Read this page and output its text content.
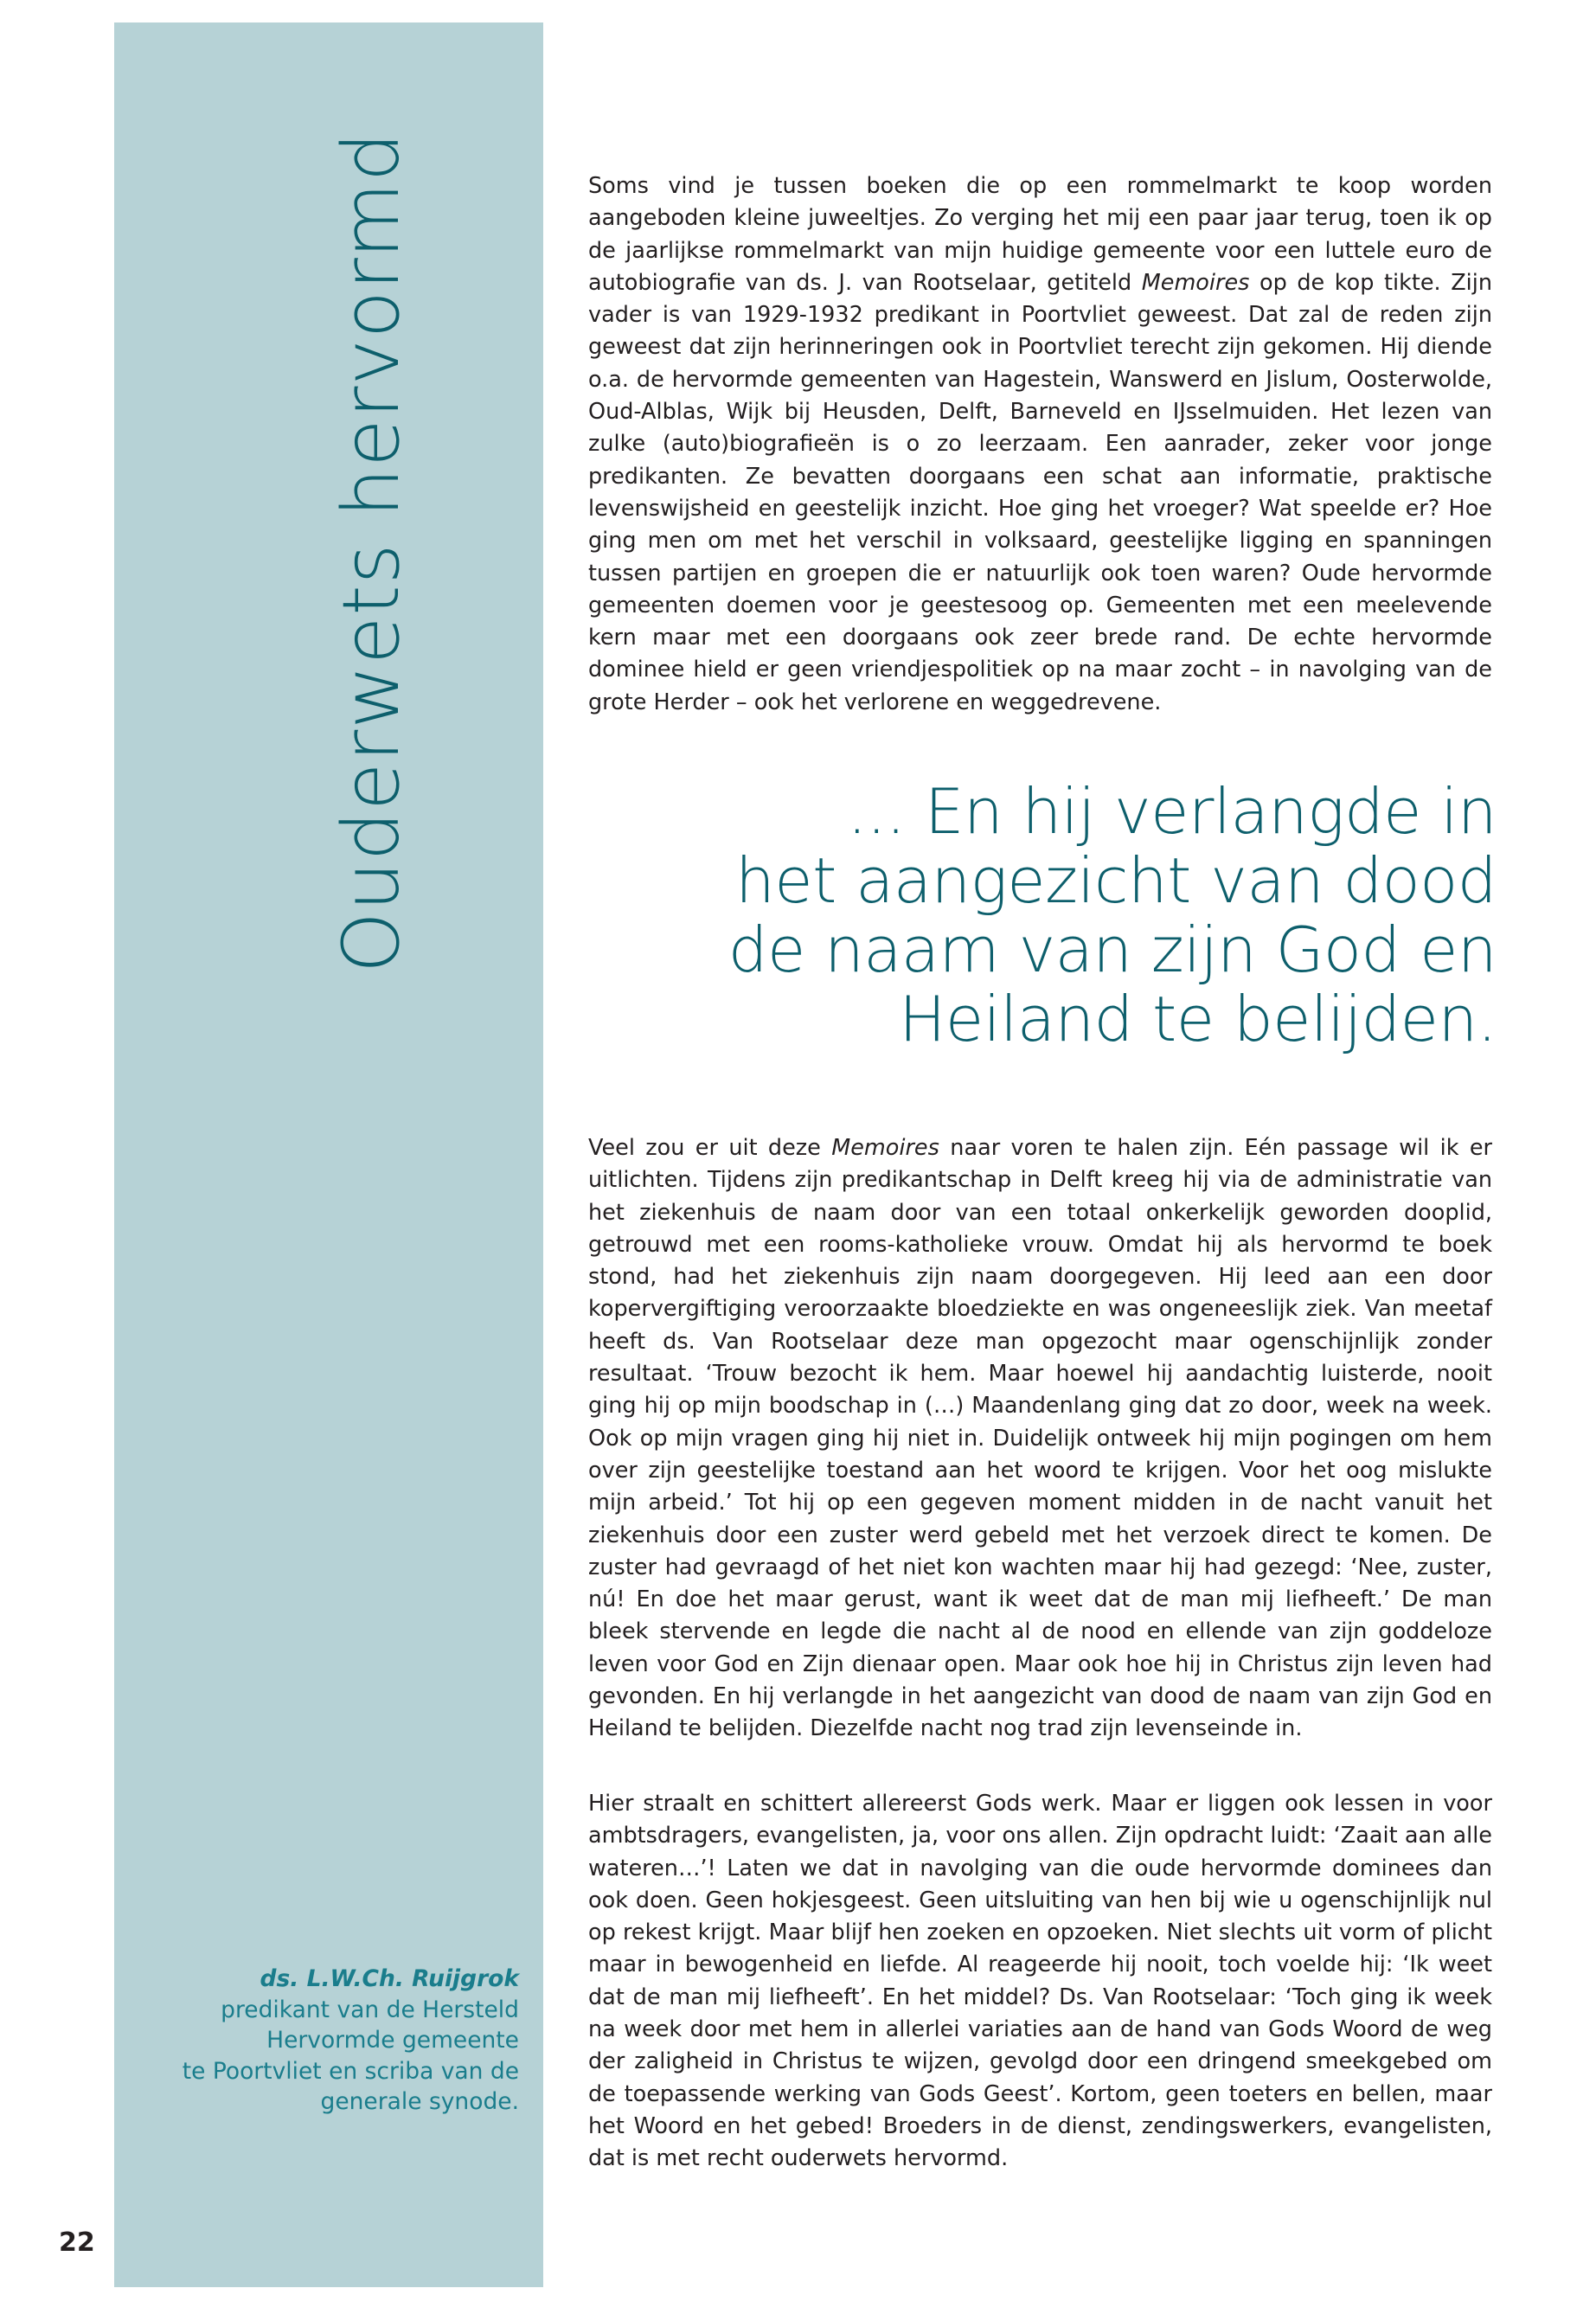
Ouderwets hervormd	Soms vind je tussen boeken die op een rommelmarkt te koop worden aangeboden kleine juweeltjes. Zo verging het mij een paar jaar terug, toen ik op de jaarlijkse rommelmarkt van mijn huidige gemeente voor een luttele euro de autobiografie van ds. J. van Rootselaar, getiteld Memoires op de kop tikte. Zijn vader is van 1929-1932 predikant in Poortvliet geweest. Dat zal de reden zijn geweest dat zijn herinneringen ook in Poortvliet terecht zijn gekomen. Hij diende o.a. de hervormde gemeenten van Hagestein, Wanswerd en Jislum, Oosterwolde, Oud-Alblas, Wijk bij Heusden, Delft, Barneveld en IJsselmuiden. Het lezen van zulke (auto)biografieën is o zo leerzaam. Een aanrader, zeker voor jonge predikanten. Ze bevatten doorgaans een schat aan informatie, praktische levenswijsheid en geestelijk inzicht. Hoe ging het vroeger? Wat speelde er? Hoe ging men om met het verschil in volksaard, geestelijke ligging en spanningen tussen partijen en groepen die er natuurlijk ook toen waren? Oude hervormde gemeenten doemen voor je geestesoog op. Gemeenten met een meelevende kern maar met een doorgaans ook zeer brede rand. De echte hervormde dominee hield er geen vriendjespolitiek op na maar zocht – in navolging van de grote Herder – ook het verlorene en weggedrevene.

... En hij verlangde in
het aangezicht van dood
de naam van zijn God en
Heiland te belijden.

Veel zou er uit deze Memoires naar voren te halen zijn. Eén passage wil ik er uitlichten. Tijdens zijn predikantschap in Delft kreeg hij via de administratie van het ziekenhuis de naam door van een totaal onkerkelijk geworden dooplid, getrouwd met een rooms-katholieke vrouw. Omdat hij als hervormd te boek stond, had het ziekenhuis zijn naam doorgegeven. Hij leed aan een door kopervergiftiging veroorzaakte bloedziekte en was ongeneeslijk ziek. Van meetaf heeft ds. Van Rootselaar deze man opgezocht maar ogenschijnlijk zonder resultaat. ‘Trouw bezocht ik hem. Maar hoewel hij aandachtig luisterde, nooit ging hij op mijn boodschap in (…) Maandenlang ging dat zo door, week na week. Ook op mijn vragen ging hij niet in. Duidelijk ontweek hij mijn pogingen om hem over zijn geestelijke toestand aan het woord te krijgen. Voor het oog mislukte mijn arbeid.’ Tot hij op een gegeven moment midden in de nacht vanuit het ziekenhuis door een zuster werd gebeld met het verzoek direct te komen. De zuster had gevraagd of het niet kon wachten maar hij had gezegd: ‘Nee, zuster, nú! En doe het maar gerust, want ik weet dat de man mij liefheeft.’ De man bleek stervende en legde die nacht al de nood en ellende van zijn goddeloze leven voor God en Zijn dienaar open. Maar ook hoe hij in Christus zijn leven had gevonden. En hij verlangde in het aangezicht van dood de naam van zijn God en Heiland te belijden. Diezelfde nacht nog trad zijn levenseinde in.

Hier straalt en schittert allereerst Gods werk. Maar er liggen ook lessen in voor ambtsdragers, evangelisten, ja, voor ons allen. Zijn opdracht luidt: ‘Zaait aan alle wateren…’! Laten we dat in navolging van die oude hervormde dominees dan ook doen. Geen hokjesgeest. Geen uitsluiting van hen bij wie u ogenschijnlijk nul op rekest krijgt. Maar blijf hen zoeken en opzoeken. Niet slechts uit vorm of plicht maar in bewogenheid en liefde. Al reageerde hij nooit, toch voelde hij: ‘Ik weet dat de man mij liefheeft’. En het middel? Ds. Van Rootselaar: ‘Toch ging ik week na week door met hem in allerlei variaties aan de hand van Gods Woord de weg der zaligheid in Christus te wijzen, gevolgd door een dringend smeekgebed om de toepassende werking van Gods Geest’. Kortom, geen toeters en bellen, maar het Woord en het gebed! Broeders in de dienst, zendingswerkers, evangelisten, dat is met recht ouderwets hervormd.

ds. L.W.Ch. Ruijgrok
predikant van de Hersteld
Hervormde gemeente
te Poortvliet en scriba van de
generale synode.
22
